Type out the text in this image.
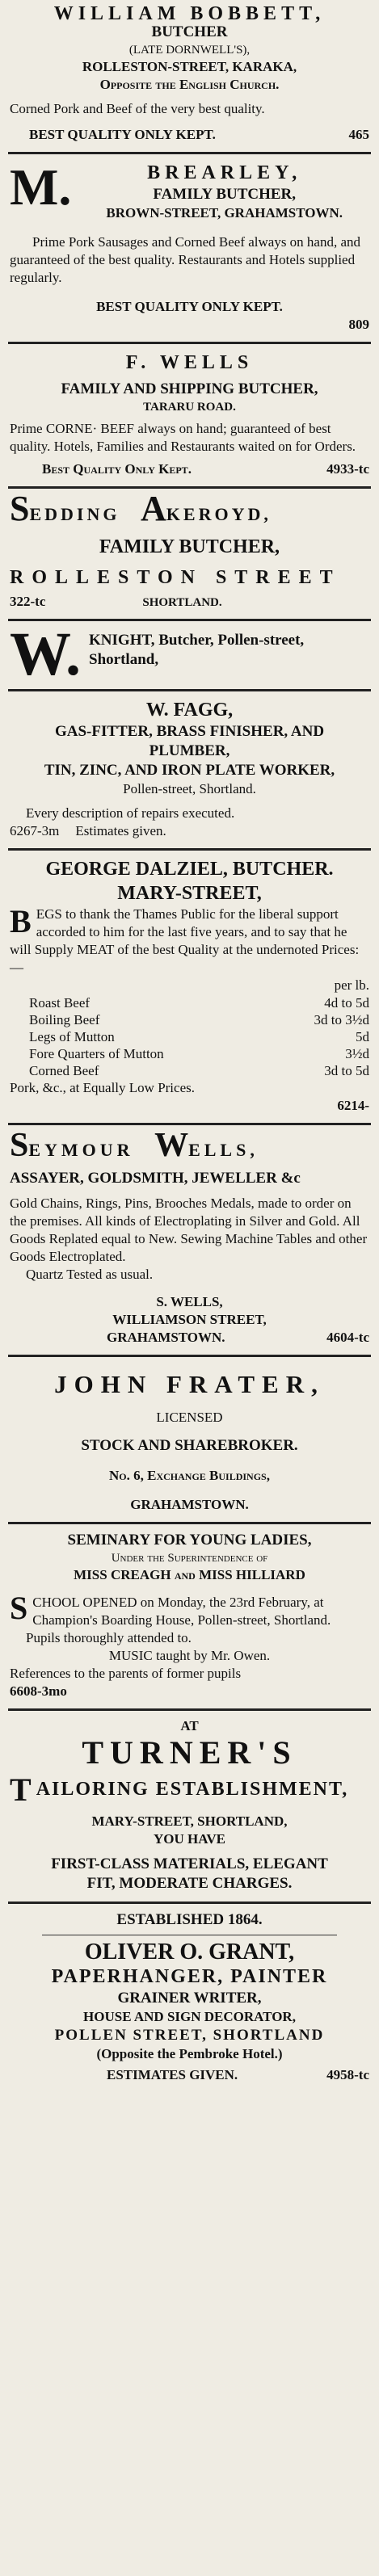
WILLIAM BOBBETT,
BUTCHER
(LATE DORNWELL'S),
ROLLESTON-STREET, KARAKA,
Opposite the English Church.
Corned Pork and Beef of the very best quality.
BEST QUALITY ONLY KEPT.	465
M.	BREARLEY,
FAMILY BUTCHER,
BROWN-STREET, GRAHAMSTOWN.
Prime Pork Sausages and Corned Beef always on hand, and guaranteed of the best quality. Restaurants and Hotels supplied regularly.
BEST QUALITY ONLY KEPT.
809
F. WELLS
FAMILY AND SHIPPING BUTCHER,
TARARU ROAD.
Prime CORNE· BEEF always on hand; guaranteed of best quality. Hotels, Families and Restaurants waited on for Orders.
Best Quality Only Kept.	4933-tc
SEDDING AKEROYD,
FAMILY BUTCHER,
ROLLESTON STREET
322-tc	SHORTLAND.
W. KNIGHT, Butcher, Pollen-street,
Shortland,
W. FAGG,
GAS-FITTER, BRASS FINISHER, AND
PLUMBER,
TIN, ZINC, AND IRON PLATE WORKER,
Pollen-street, Shortland.
Every description of repairs executed.
6267-3m Estimates given.
GEORGE DALZIEL, BUTCHER.
MARY-STREET,
B EGS to thank the Thames Public for the liberal support accorded to him for the last five years, and to say that he will Supply MEAT of the best Quality at the undernoted Prices:—
per lb.
Roast Beef	4d to 5d
Boiling Beef	3d to 3½d
Legs of Mutton	5d
Fore Quarters of Mutton	3½d
Corned Beef	3d to 5d
Pork, &c., at Equally Low Prices.
6214-
SEYMOUR WELLS,
ASSAYER, GOLDSMITH, JEWELLER &c
Gold Chains, Rings, Pins, Brooches Medals, made to order on the premises. All kinds of Electroplating in Silver and Gold. All Goods Replated equal to New. Sewing Machine Tables and other Goods Electroplated.
Quartz Tested as usual.
S. WELLS,
WILLIAMSON STREET,
GRAHAMSTOWN.	4604-tc
JOHN FRATER,
LICENSED
STOCK AND SHAREBROKER.
No. 6, Exchange Buildings,
GRAHAMSTOWN.
SEMINARY FOR YOUNG LADIES,
Under the Superintendence of
MISS CREAGH and MISS HILLIARD
S CHOOL OPENED on Monday, the 23rd February, at Champion's Boarding House, Pollen-street, Shortland.
Pupils thoroughly attended to.
MUSIC taught by Mr. Owen.
References to the parents of former pupils
6608-3mo
AT
TURNER'S
T AILORING ESTABLISHMENT,
MARY-STREET, SHORTLAND,
YOU HAVE
FIRST-CLASS MATERIALS, ELEGANT
FIT, MODERATE CHARGES.
ESTABLISHED 1864.
OLIVER O. GRANT,
PAPERHANGER, PAINTER
GRAINER WRITER,
HOUSE AND SIGN DECORATOR,
POLLEN STREET, SHORTLAND
(Opposite the Pembroke Hotel.)
ESTIMATES GIVEN.	4958-tc
